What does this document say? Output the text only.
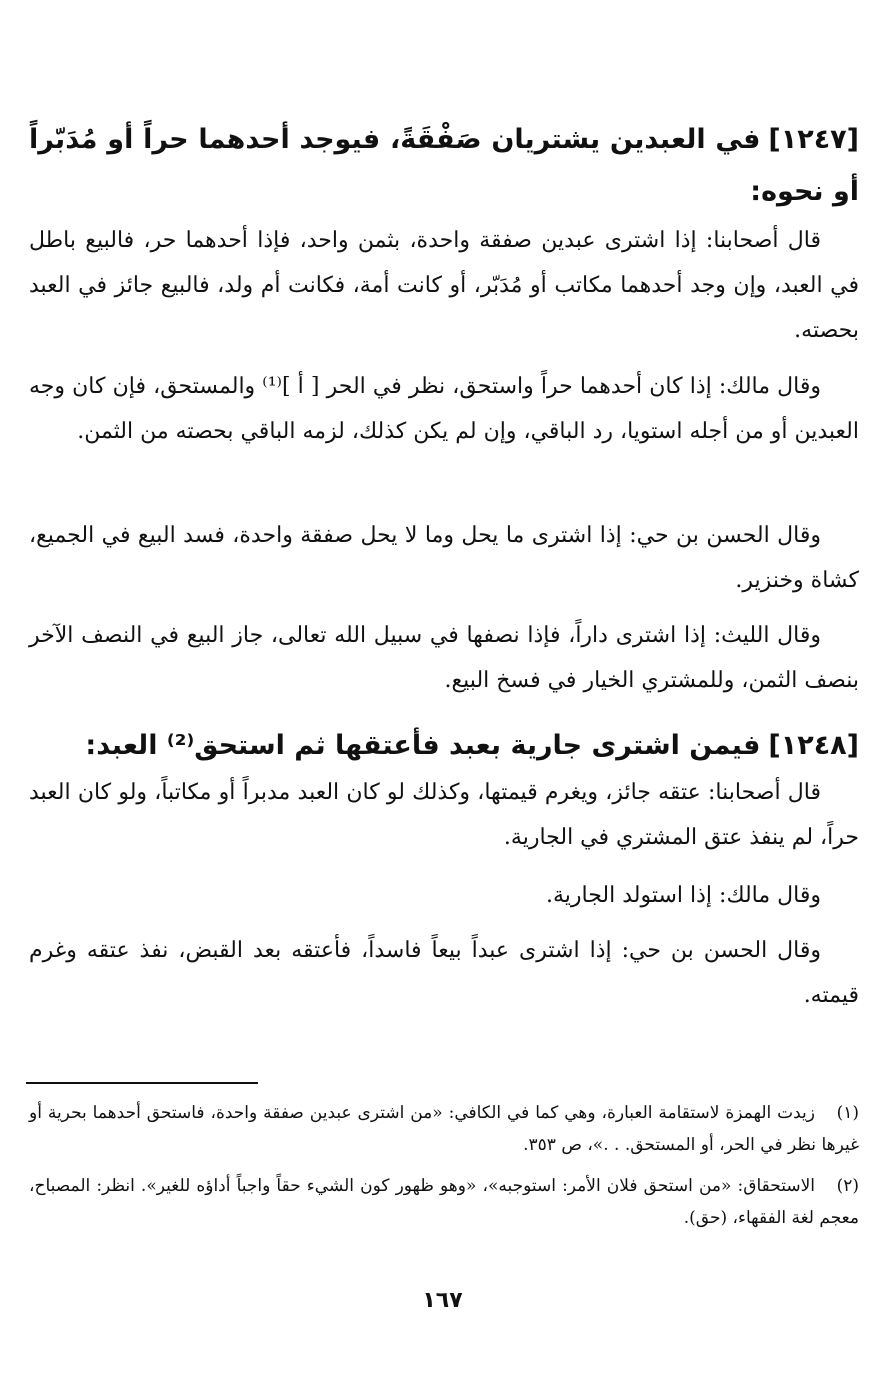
[١٢٤٧]في العبدين يشتريان صَفْقَةً، فيوجد أحدهما حراً أو مُدَبّراً أو نحوه:
قال أصحابنا: إذا اشترى عبدين صفقة واحدة، بثمن واحد، فإذا أحدهما حر، فالبيع باطل في العبد، وإن وجد أحدهما مكاتب أو مُدَبّر، أو كانت أمة، فكانت أم ولد، فالبيع جائز في العبد بحصته.
وقال مالك: إذا كان أحدهما حراً واستحق، نظر في الحر [ أ ]⁽¹⁾ والمستحق، فإن كان وجه العبدين أو من أجله استويا، رد الباقي، وإن لم يكن كذلك، لزمه الباقي بحصته من الثمن.
وقال الحسن بن حي: إذا اشترى ما يحل وما لا يحل صفقة واحدة، فسد البيع في الجميع، كشاة وخنزير.
وقال الليث: إذا اشترى داراً، فإذا نصفها في سبيل الله تعالى، جاز البيع في النصف الآخر بنصف الثمن، وللمشتري الخيار في فسخ البيع.
[١٢٤٨]فيمن اشترى جارية بعبد فأعتقها ثم استحق⁽²⁾ العبد:
قال أصحابنا: عتقه جائز، ويغرم قيمتها، وكذلك لو كان العبد مدبراً أو مكاتباً، ولو كان العبد حراً، لم ينفذ عتق المشتري في الجارية.
وقال مالك: إذا استولد الجارية.
وقال الحسن بن حي: إذا اشترى عبداً بيعاً فاسداً، فأعتقه بعد القبض، نفذ عتقه وغرم قيمته.
(١)زيدت الهمزة لاستقامة العبارة، وهي كما في الكافي: «من اشترى عبدين صفقة واحدة، فاستحق أحدهما بحرية أو غيرها نظر في الحر، أو المستحق. . .»، ص ٣٥٣.
(٢)الاستحقاق: «من استحق فلان الأمر: استوجبه»، «وهو ظهور كون الشيء حقاً واجباً أداؤه للغير». انظر: المصباح، معجم لغة الفقهاء، (حق).
١٦٧
